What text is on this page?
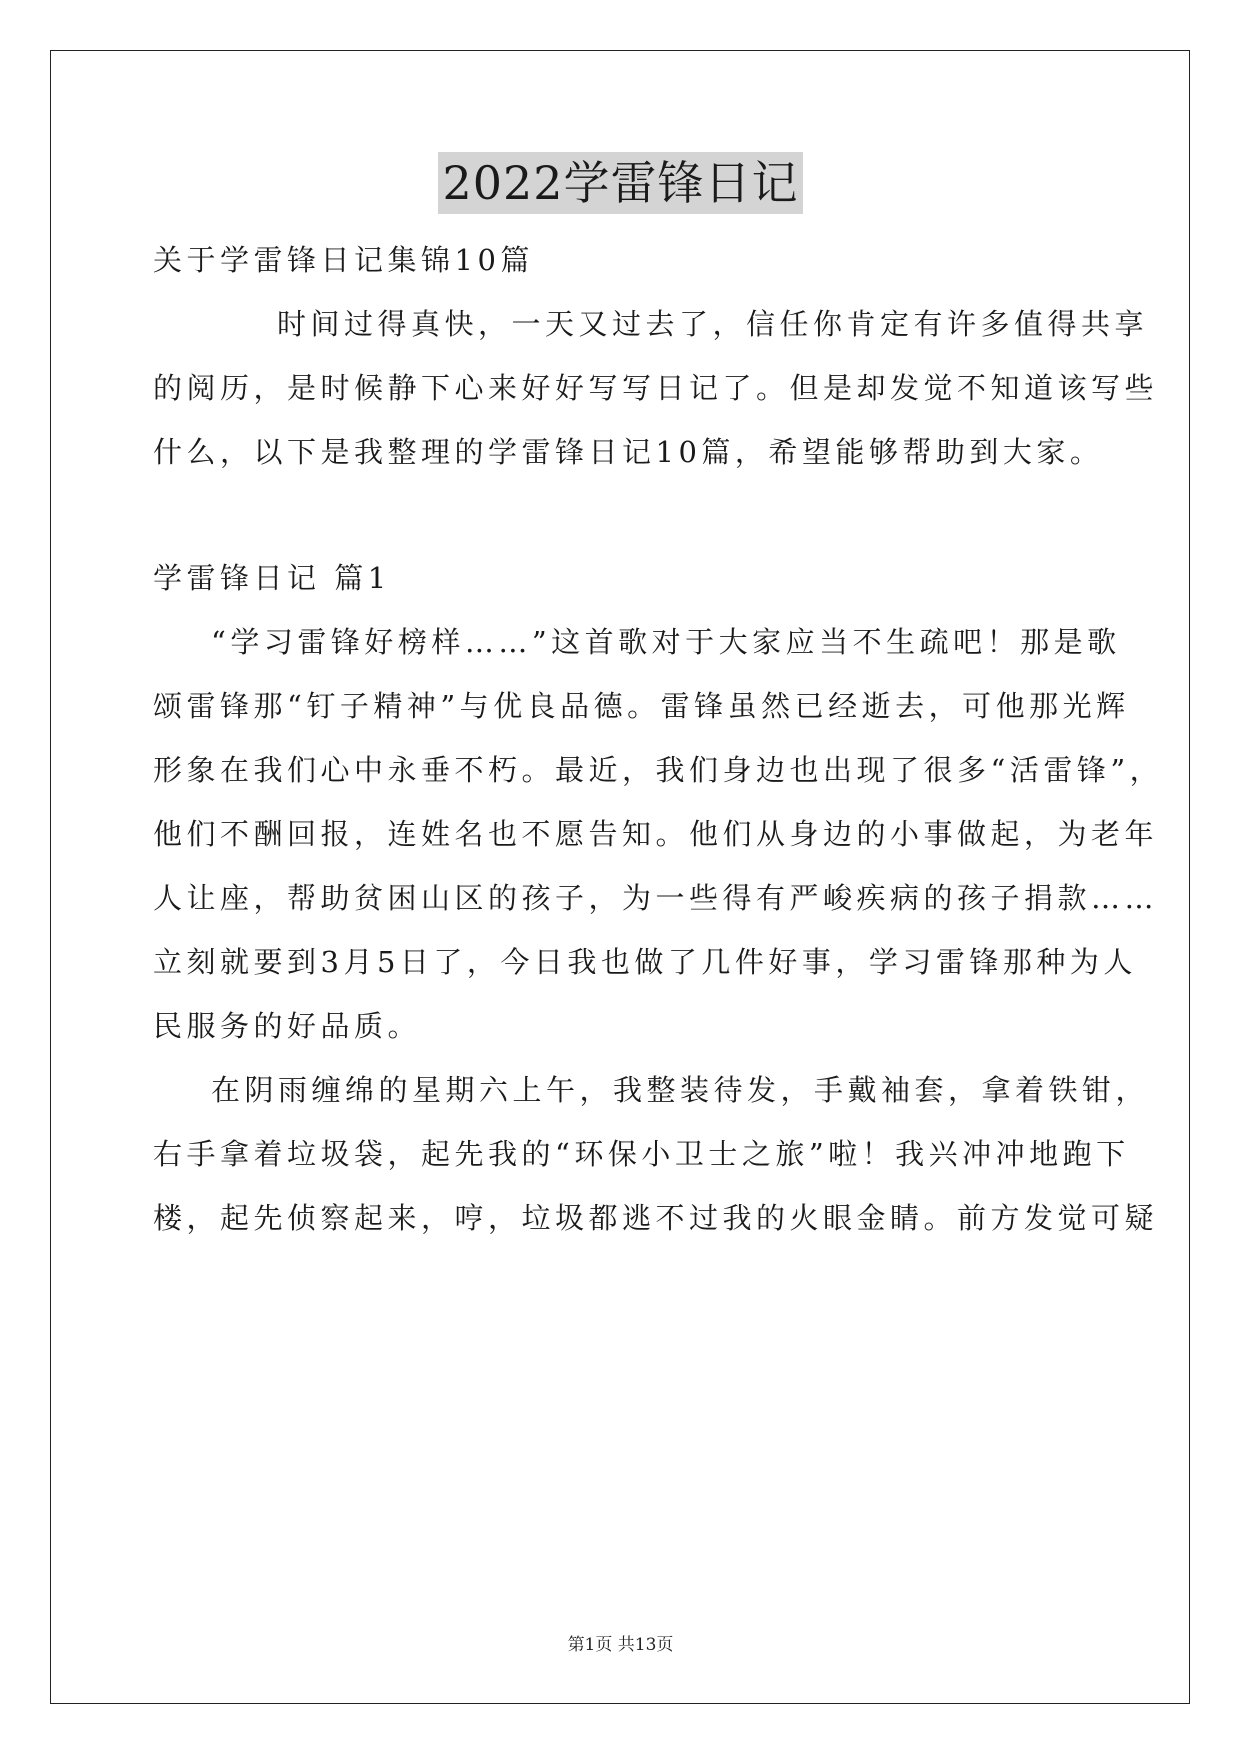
2022学雷锋日记
关于学雷锋日记集锦10篇
时间过得真快，一天又过去了，信任你肯定有许多值得共享
的阅历，是时候静下心来好好写写日记了。但是却发觉不知道该写些
什么，以下是我整理的学雷锋日记10篇，希望能够帮助到大家。
学雷锋日记 篇1
“学习雷锋好榜样……”这首歌对于大家应当不生疏吧！那是歌
颂雷锋那“钉子精神”与优良品德。雷锋虽然已经逝去，可他那光辉
形象在我们心中永垂不朽。最近，我们身边也出现了很多“活雷锋”，
他们不酬回报，连姓名也不愿告知。他们从身边的小事做起，为老年
人让座，帮助贫困山区的孩子，为一些得有严峻疾病的孩子捐款……
立刻就要到3月5日了，今日我也做了几件好事，学习雷锋那种为人
民服务的好品质。
在阴雨缠绵的星期六上午，我整装待发，手戴袖套，拿着铁钳，
右手拿着垃圾袋，起先我的“环保小卫士之旅”啦！我兴冲冲地跑下
楼，起先侦察起来，哼，垃圾都逃不过我的火眼金睛。前方发觉可疑
第1页 共13页
